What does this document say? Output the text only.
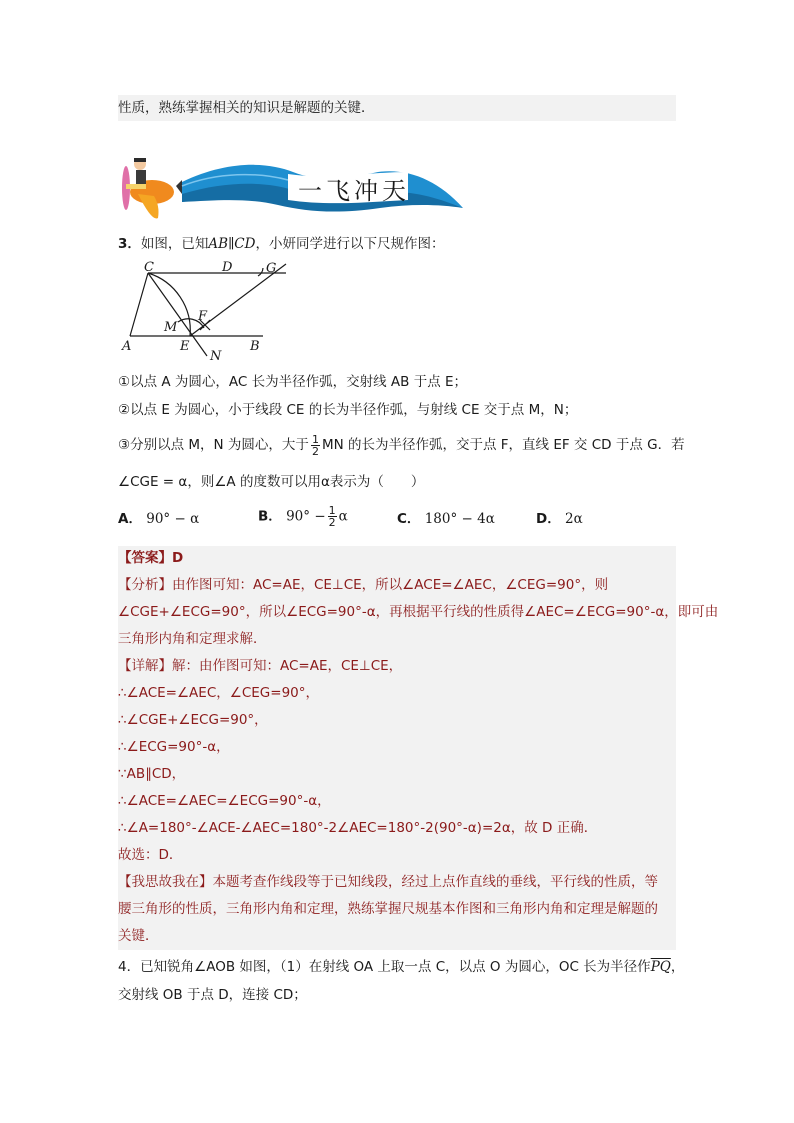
性质，熟练掌握相关的知识是解题的关键．
一飞冲天
3．如图，已知AB∥CD，小妍同学进行以下尺规作图：
C	D	G
F
M
A	E	B
N
①以点 A 为圆心，AC 长为半径作弧，交射线 AB 于点 E；
②以点 E 为圆心，小于线段 CE 的长为半径作弧，与射线 CE 交于点 M，N；
③分别以点 M，N 为圆心，大于 $\frac{1}{2}$ MN 的长为半径作弧，交于点 F，直线 EF 交 CD 于点 G．若
∠CGE = α，则∠A 的度数可以用α表示为（　　）
A． 90° − α	B． $90^\circ - \frac{1}{2}$ α	C． 180° − 4α	D． 2α
【答案】D
【分析】由作图可知：AC=AE，CE⊥CE，所以∠ACE=∠AEC，∠CEG=90°，则
∠CGE+∠ECG=90°，所以∠ECG=90°-α，再根据平行线的性质得∠AEC=∠ECG=90°-α，即可由
三角形内角和定理求解．
【详解】解：由作图可知：AC=AE，CE⊥CE，
∴∠ACE=∠AEC，∠CEG=90°，
∴∠CGE+∠ECG=90°，
∴∠ECG=90°-α，
∵AB∥CD，
∴∠ACE=∠AEC=∠ECG=90°-α，
∴∠A=180°-∠ACE-∠AEC=180°-2∠AEC=180°-2(90°-α)=2α，故 D 正确．
故选：D．
【我思故我在】本题考查作线段等于已知线段，经过上点作直线的垂线，平行线的性质，等
腰三角形的性质，三角形内角和定理，熟练掌握尺规基本作图和三角形内角和定理是解题的
关键．
4．已知锐角∠AOB 如图，（1）在射线 OA 上取一点 C，以点 O 为圆心，OC 长为半径作$\overline{PQ}$，
交射线 OB 于点 D，连接 CD；
